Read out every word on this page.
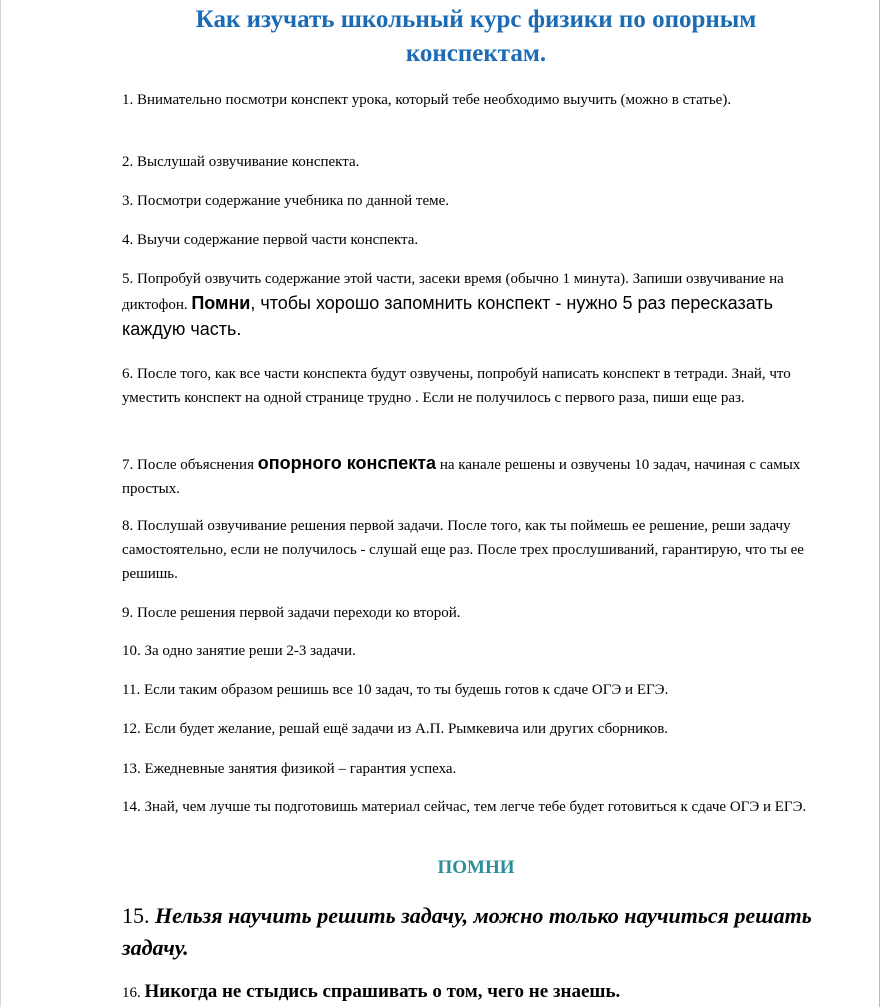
Как изучать школьный курс физики по опорным
конспектам.
1. Внимательно посмотри конспект урока, который тебе необходимо выучить (можно в статье).
2. Выслушай озвучивание конспекта.
3. Посмотри содержание учебника по данной теме.
4. Выучи содержание первой части конспекта.
5. Попробуй озвучить содержание этой части, засеки время (обычно 1 минута). Запиши озвучивание на диктофон. Помни, чтобы хорошо запомнить конспект - нужно 5 раз пересказать каждую часть.
6. После того, как все части конспекта будут озвучены, попробуй написать конспект в тетради. Знай, что уместить конспект на одной странице трудно . Если не получилось с первого раза, пиши еще раз.
7. После объяснения опорного конспекта на канале решены и озвучены 10 задач, начиная с самых простых.
8. Послушай озвучивание решения первой задачи. После того, как ты поймешь ее решение, реши задачу самостоятельно, если не получилось - слушай еще раз. После трех прослушиваний, гарантирую, что ты ее решишь.
9. После решения первой задачи переходи ко второй.
10. За одно занятие реши 2-3 задачи.
11. Если таким образом решишь все 10 задач, то ты будешь готов к сдаче ОГЭ и ЕГЭ.
12. Если будет желание, решай ещё задачи из А.П. Рымкевича или других сборников.
13. Ежедневные занятия физикой – гарантия успеха.
14. Знай, чем лучше ты подготовишь материал сейчас, тем легче тебе будет готовиться к сдаче ОГЭ и ЕГЭ.
ПОМНИ
15. Нельзя научить решить задачу, можно только научиться решать задачу.
16. Никогда не стыдись спрашивать о том, чего не знаешь.
